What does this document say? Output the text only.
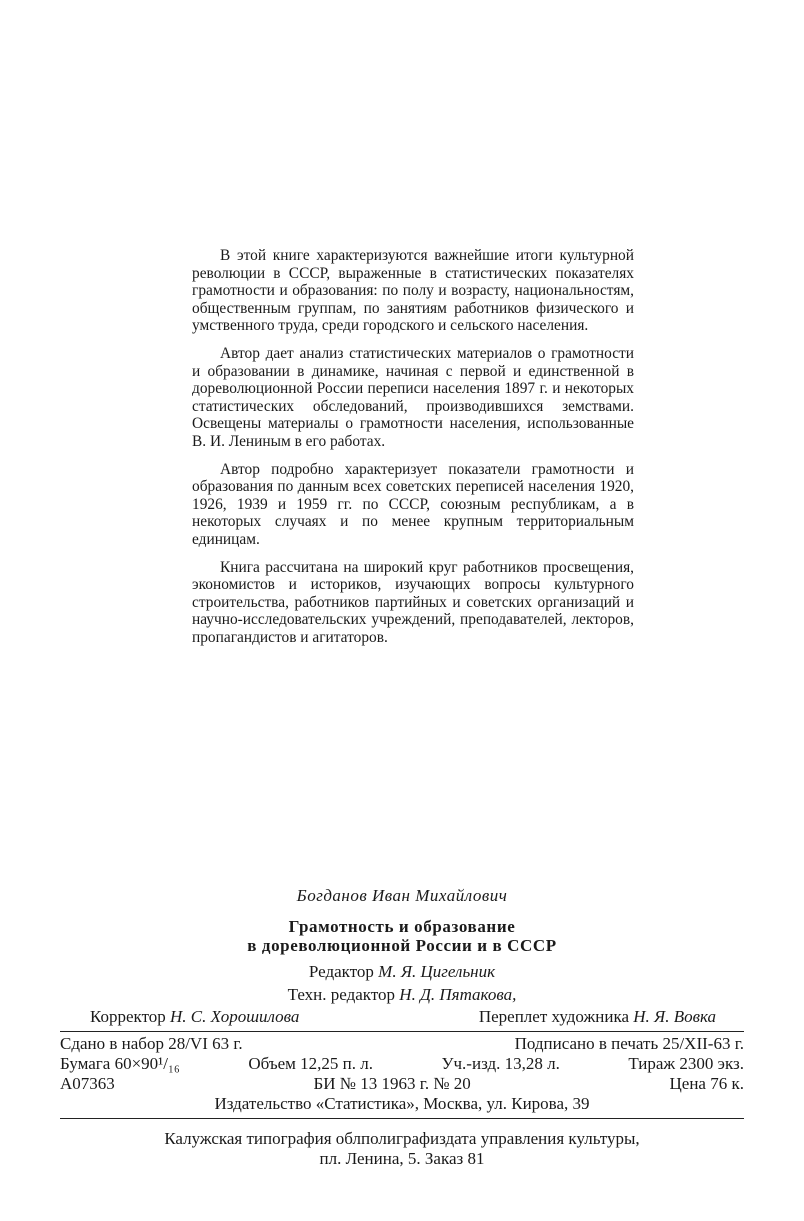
В этой книге характеризуются важнейшие итоги культурной революции в СССР, выраженные в статистических показателях грамотности и образования: по полу и возрасту, национальностям, общественным группам, по занятиям работников физического и умственного труда, среди городского и сельского населения.

Автор дает анализ статистических материалов о грамотности и образовании в динамике, начиная с первой и единственной в дореволюционной России переписи населения 1897 г. и некоторых статистических обследований, производившихся земствами. Освещены материалы о грамотности населения, использованные В. И. Лениным в его работах.

Автор подробно характеризует показатели грамотности и образования по данным всех советских переписей населения 1920, 1926, 1939 и 1959 гг. по СССР, союзным республикам, а в некоторых случаях и по менее крупным территориальным единицам.

Книга рассчитана на широкий круг работников просвещения, экономистов и историков, изучающих вопросы культурного строительства, работников партийных и советских организаций и научно-исследовательских учреждений, преподавателей, лекторов, пропагандистов и агитаторов.

Богданов Иван Михайлович
Грамотность и образование
в дореволюционной России и в СССР
Редактор М. Я. Цигельник
Техн. редактор Н. Д. Пятакова,
Корректор Н. С. Хорошилова	Переплет художника Н. Я. Вовка
Сдано в набор 28/VI 63 г.	Подписано в печать 25/XII-63 г.
Бумага 60×90¹/₁₆	Объем 12,25 п. л.	Уч.-изд. 13,28 л.	Тираж 2300 экз.
А07363	БИ № 13 1963 г. № 20	Цена 76 к.
Издательство «Статистика», Москва, ул. Кирова, 39
Калужская типография облполиграфиздата управления культуры,
пл. Ленина, 5. Заказ 81
